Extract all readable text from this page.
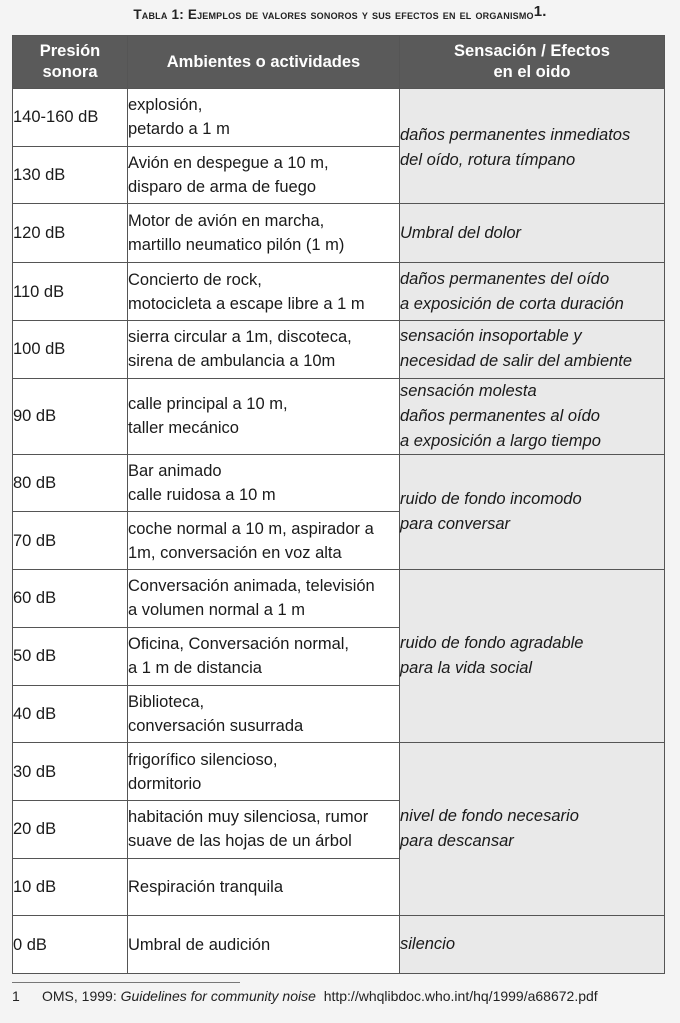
Tabla 1: Ejemplos de valores sonoros y sus efectos en el organismo1.
Presión
sonora	Ambientes o actividades	Sensación / Efectos
en el oido

140-160 dB	explosión,
petardo a 1 m	daños permanentes inmediatos
del oído, rotura tímpano

130 dB	Avión en despegue a 10 m,
disparo de arma de fuego	

120 dB	Motor de avión en marcha,
martillo neumatico pilón (1 m)	Umbral del dolor

110 dB	Concierto de rock,
motocicleta a escape libre a 1 m	daños permanentes del oído
a exposición de corta duración

100 dB	sierra circular a 1m, discoteca,
sirena de ambulancia a 10m	sensación insoportable y
necesidad de salir del ambiente

90 dB	calle principal a 10 m,
taller mecánico	sensación molesta
daños permanentes al oído
a exposición a largo tiempo

80 dB	Bar animado
calle ruidosa a 10 m	ruido de fondo incomodo
para conversar

70 dB	coche normal a 10 m, aspirador a
1m, conversación en voz alta	

60 dB	Conversación animada, televisión
a volumen normal a 1 m	ruido de fondo agradable
para la vida social

50 dB	Oficina, Conversación normal,
a 1 m de distancia	

40 dB	Biblioteca,
conversación susurrada	

30 dB	frigorífico silencioso,
dormitorio	nivel de fondo necesario
para descansar

20 dB	habitación muy silenciosa, rumor
suave de las hojas de un árbol	

10 dB	Respiración tranquila	

0 dB	Umbral de audición	silencio
1 OMS, 1999: Guidelines for community noise http://whqlibdoc.who.int/hq/1999/a68672.pdf
